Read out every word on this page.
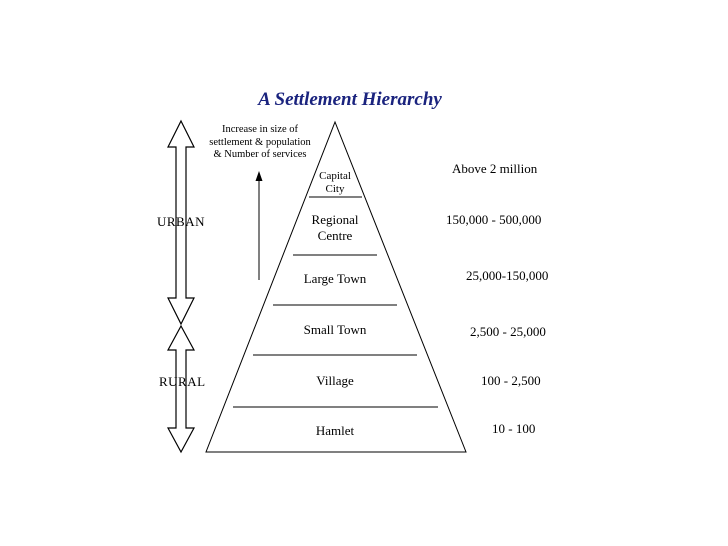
A Settlement Hierarchy
Increase in size of
settlement & population
& Number of services
URBAN
RURAL
Capital
City
Regional
Centre
Large Town
Small Town
Village
Hamlet
Above 2 million
150,000 - 500,000
25,000-150,000
2,500 - 25,000
100 - 2,500
10 - 100
